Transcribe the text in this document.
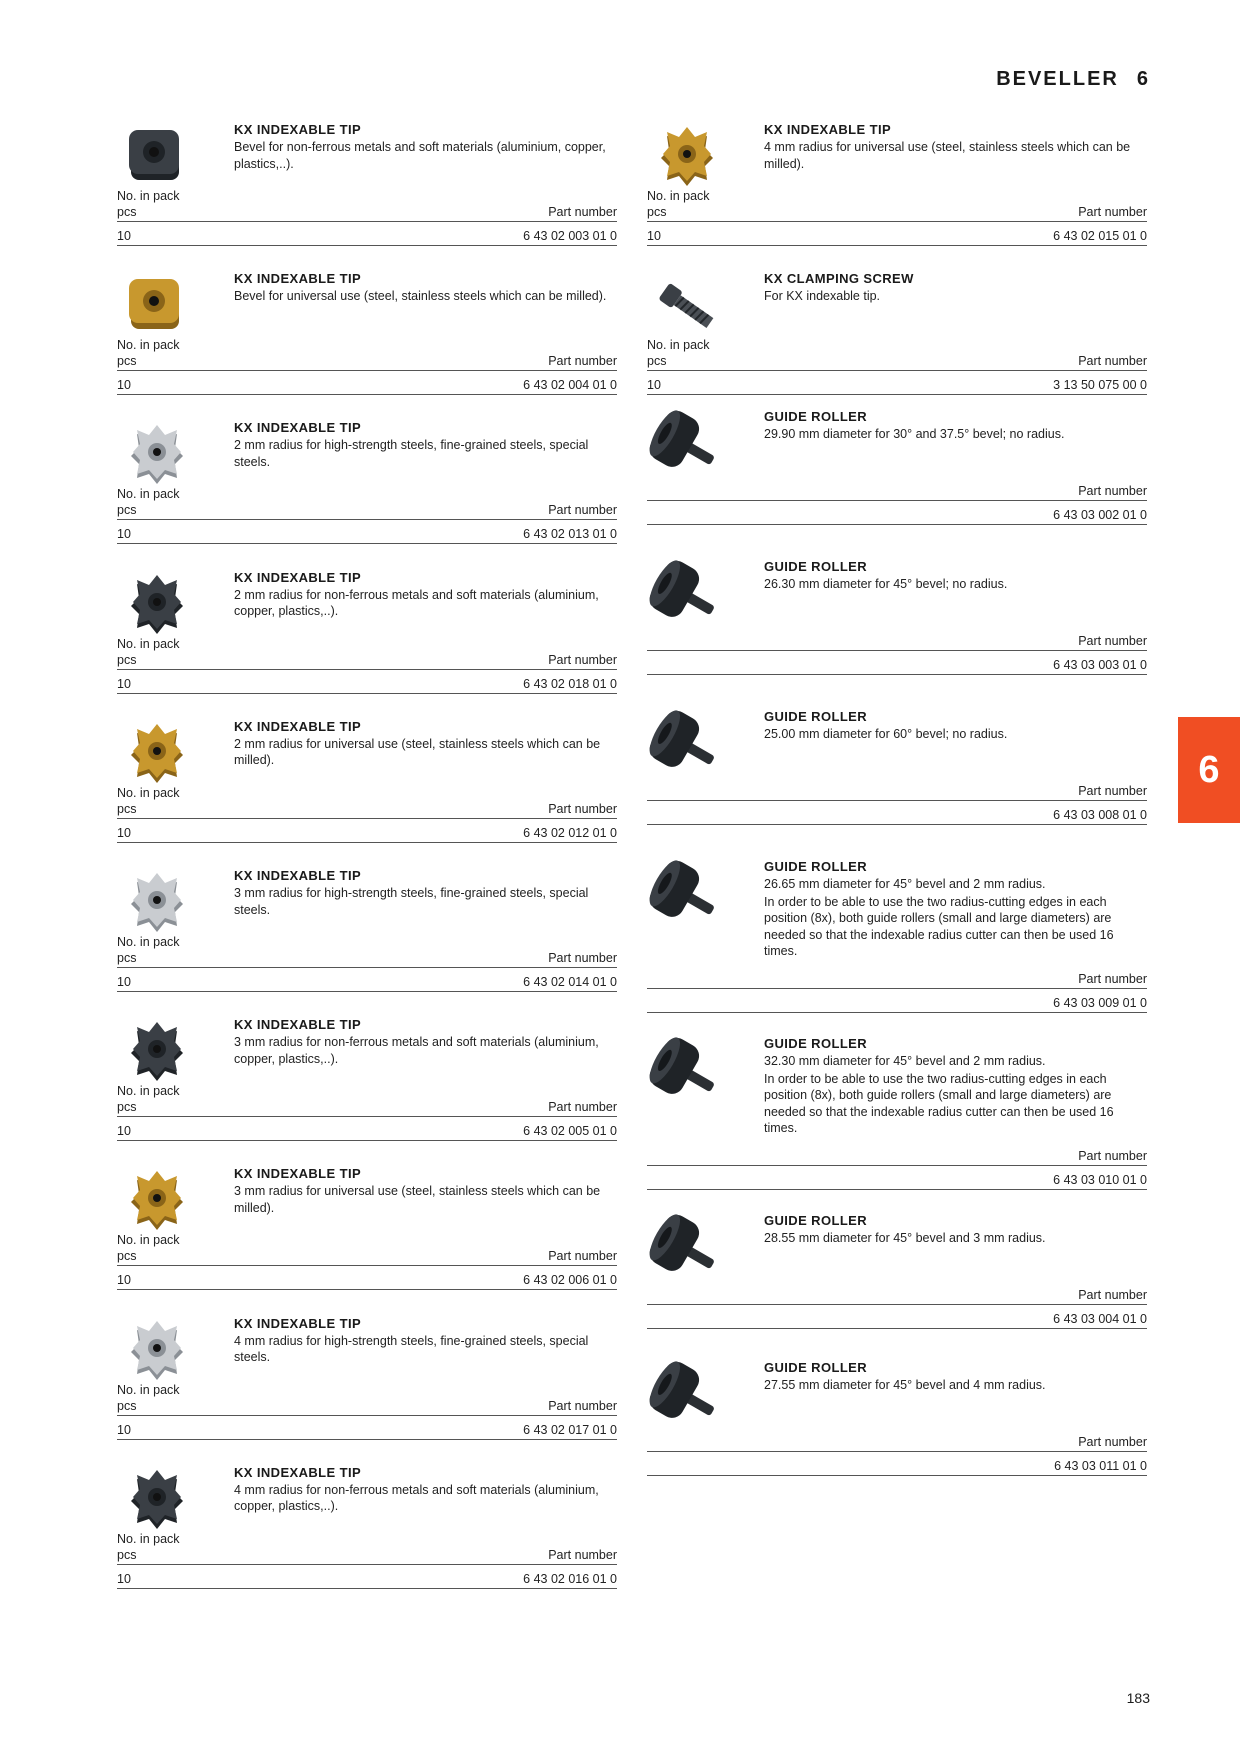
BEVELLER 6
KX INDEXABLE TIP
Bevel for non-ferrous metals and soft materials (aluminium, copper, plastics,..).
No. in pack
pcs	Part number
10	6 43 02 003 01 0
KX INDEXABLE TIP
Bevel for universal use (steel, stainless steels which can be milled).
No. in pack
pcs	Part number
10	6 43 02 004 01 0
KX INDEXABLE TIP
2 mm radius for high-strength steels, fine-grained steels, special steels.
No. in pack
pcs	Part number
10	6 43 02 013 01 0
KX INDEXABLE TIP
2 mm radius for non-ferrous metals and soft materials (aluminium, copper, plastics,..).
No. in pack
pcs	Part number
10	6 43 02 018 01 0
KX INDEXABLE TIP
2 mm radius for universal use (steel, stainless steels which can be milled).
No. in pack
pcs	Part number
10	6 43 02 012 01 0
KX INDEXABLE TIP
3 mm radius for high-strength steels, fine-grained steels, special steels.
No. in pack
pcs	Part number
10	6 43 02 014 01 0
KX INDEXABLE TIP
3 mm radius for non-ferrous metals and soft materials (aluminium, copper, plastics,..).
No. in pack
pcs	Part number
10	6 43 02 005 01 0
KX INDEXABLE TIP
3 mm radius for universal use (steel, stainless steels which can be milled).
No. in pack
pcs	Part number
10	6 43 02 006 01 0
KX INDEXABLE TIP
4 mm radius for high-strength steels, fine-grained steels, special steels.
No. in pack
pcs	Part number
10	6 43 02 017 01 0
KX INDEXABLE TIP
4 mm radius for non-ferrous metals and soft materials (aluminium, copper, plastics,..).
No. in pack
pcs	Part number
10	6 43 02 016 01 0
KX INDEXABLE TIP
4 mm radius for universal use (steel, stainless steels which can be milled).
No. in pack
pcs	Part number
10	6 43 02 015 01 0
KX CLAMPING SCREW
For KX indexable tip.
No. in pack
pcs	Part number
10	3 13 50 075 00 0
GUIDE ROLLER
29.90 mm diameter for 30° and 37.5° bevel; no radius.
Part number
6 43 03 002 01 0
GUIDE ROLLER
26.30 mm diameter for 45° bevel; no radius.
Part number
6 43 03 003 01 0
GUIDE ROLLER
25.00 mm diameter for 60° bevel; no radius.
Part number
6 43 03 008 01 0
GUIDE ROLLER
26.65 mm diameter for 45° bevel and 2 mm radius.
In order to be able to use the two radius-cutting edges in each position (8x), both guide rollers (small and large diameters) are needed so that the indexable radius cutter can then be used 16 times.
Part number
6 43 03 009 01 0
GUIDE ROLLER
32.30 mm diameter for 45° bevel and 2 mm radius.
In order to be able to use the two radius-cutting edges in each position (8x), both guide rollers (small and large diameters) are needed so that the indexable radius cutter can then be used 16 times.
Part number
6 43 03 010 01 0
GUIDE ROLLER
28.55 mm diameter for 45° bevel and 3 mm radius.
Part number
6 43 03 004 01 0
GUIDE ROLLER
27.55 mm diameter for 45° bevel and 4 mm radius.
Part number
6 43 03 011 01 0
6
183
